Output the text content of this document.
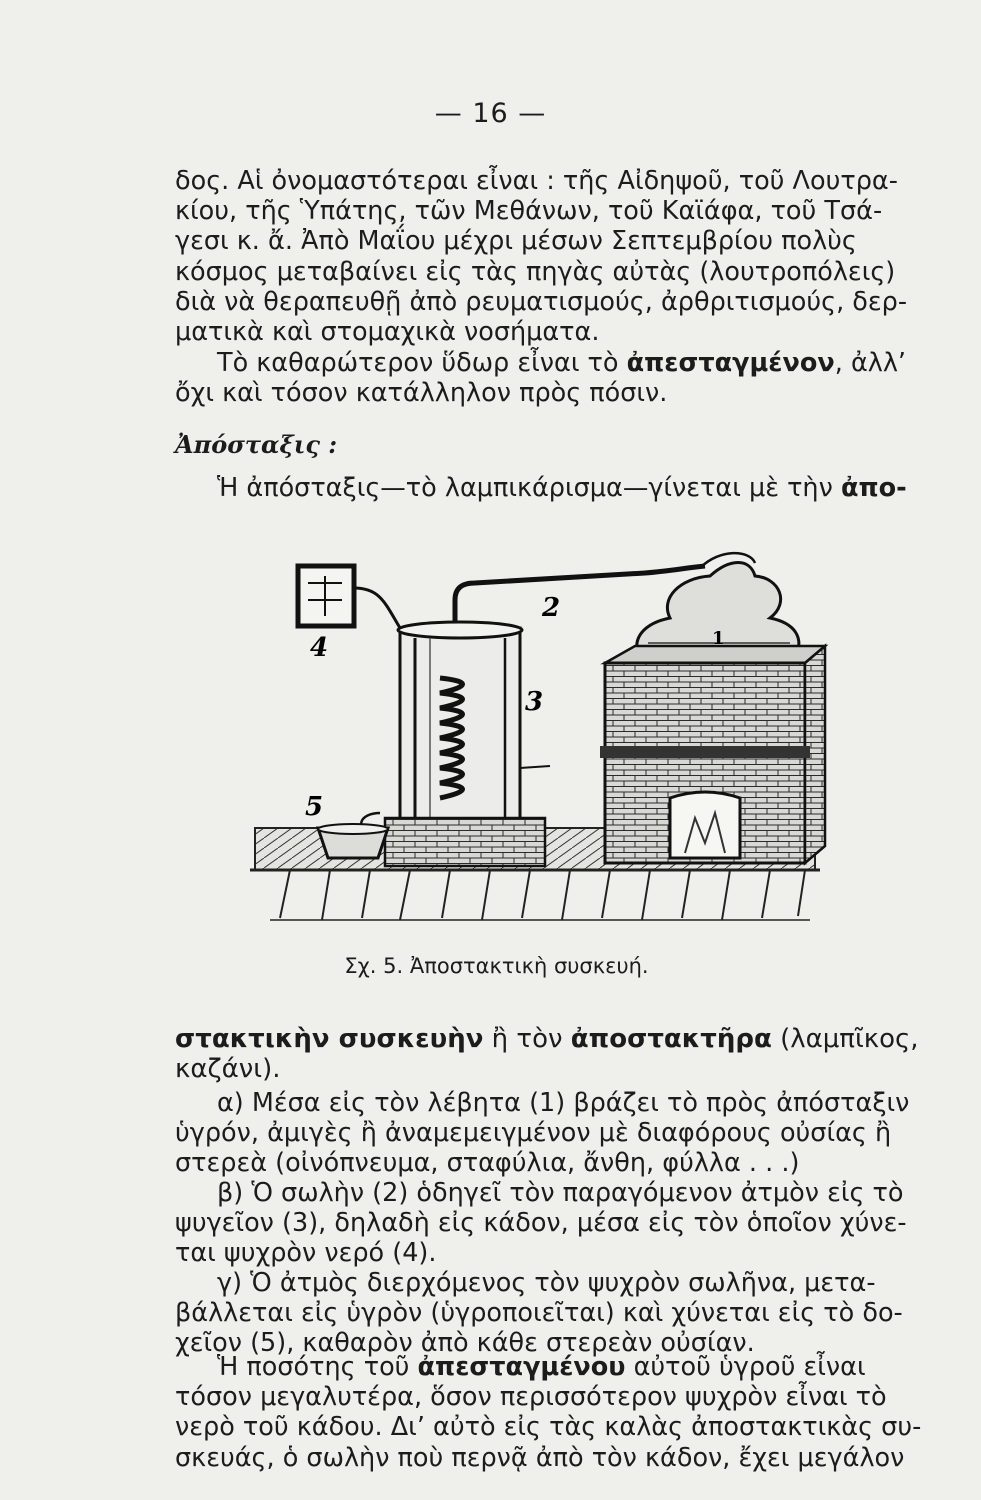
— 16 —
δος. Αἱ ὀνομαστότεραι εἶναι : τῆς Αἰδηψοῦ, τοῦ Λουτρα-
κίου, τῆς Ὑπάτης, τῶν Μεθάνων, τοῦ Καϊάφα, τοῦ Τσά-
γεσι κ. ἄ. Ἀπὸ Μαΐου μέχρι μέσων Σεπτεμβρίου πολὺς
κόσμος μεταβαίνει εἰς τὰς πηγὰς αὐτὰς (λουτροπόλεις)
διὰ νὰ θεραπευθῇ ἀπὸ ρευματισμούς, ἀρθριτισμούς, δερ-
ματικὰ καὶ στομαχικὰ νοσήματα.
Τὸ καθαρώτερον ὕδωρ εἶναι τὸ ἀπεσταγμένον, ἀλλ’
ὄχι καὶ τόσον κατάλληλον πρὸς πόσιν.
Ἀπόσταξις :
Ἡ ἀπόσταξις—τὸ λαμπικάρισμα—γίνεται μὲ τὴν ἀπο-
4
2
3
5
1
Σχ. 5. Ἀποστακτικὴ συσκευή.
στακτικὴν συσκευὴν ἢ τὸν ἀποστακτῆρα (λαμπῖκος,
καζάνι).
α) Μέσα εἰς τὸν λέβητα (1) βράζει τὸ πρὸς ἀπόσταξιν
ὑγρόν, ἀμιγὲς ἢ ἀναμεμειγμένον μὲ διαφόρους οὐσίας ἢ
στερεὰ (οἰνόπνευμα, σταφύλια, ἄνθη, φύλλα . . .)
β) Ὁ σωλὴν (2) ὁδηγεῖ τὸν παραγόμενον ἀτμὸν εἰς τὸ
ψυγεῖον (3), δηλαδὴ εἰς κάδον, μέσα εἰς τὸν ὁποῖον χύνε-
ται ψυχρὸν νερό (4).
γ) Ὁ ἀτμὸς διερχόμενος τὸν ψυχρὸν σωλῆνα, μετα-
βάλλεται εἰς ὑγρὸν (ὑγροποιεῖται) καὶ χύνεται εἰς τὸ δο-
χεῖον (5), καθαρὸν ἀπὸ κάθε στερεὰν οὐσίαν.
Ἡ ποσότης τοῦ ἀπεσταγμένου αὐτοῦ ὑγροῦ εἶναι
τόσον μεγαλυτέρα, ὅσον περισσότερον ψυχρὸν εἶναι τὸ
νερὸ τοῦ κάδου. Δι’ αὐτὸ εἰς τὰς καλὰς ἀποστακτικὰς συ-
σκευάς, ὁ σωλὴν ποὺ περνᾷ ἀπὸ τὸν κάδον, ἔχει μεγάλον
